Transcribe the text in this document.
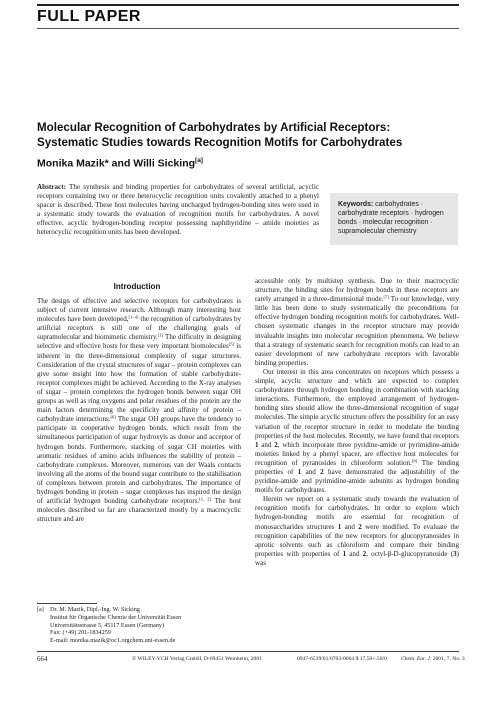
FULL PAPER
Molecular Recognition of Carbohydrates by Artificial Receptors:
Systematic Studies towards Recognition Motifs for Carbohydrates
Monika Mazik* and Willi Sicking[a]
Abstract: The synthesis and binding properties for carbohydrates of several artificial, acyclic receptors containing two or three heterocyclic recognition units covalently attached to a phenyl spacer is described. These host molecules having uncharged hydrogen-bonding sites were used in a systematic study towards the evaluation of recognition motifs for carbohydrates. A novel effective, acyclic hydrogen-bonding receptor possessing naphthyridine – amide moieties as heterocyclic recognition units has been developed.
Keywords: carbohydrates · carbohydrate receptors · hydrogen bonds · molecular recognition · supramolecular chemistry
Introduction

The design of effective and selective receptors for carbohydrates is subject of current intensive research. Although many interesting host molecules have been developed,[1–4] the recognition of carbohydrates by artificial receptors is still one of the challenging goals of supramolecular and biomimetic chemistry.[1] The difficulty in designing selective and effective hosts for these very important biomolecules[5] is inherent in the three-dimensional complexity of sugar structures. Consideration of the crystal structures of sugar – protein complexes can give some insight into how the formation of stable carbohydrate-receptor complexes might be achieved. According to the X-ray analyses of sugar – protein complexes the hydrogen bonds between sugar OH groups as well as ring oxygens and polar residues of the protein are the main factors determining the specificity and affinity of protein – carbohydrate interactions.[6] The sugar OH groups have the tendency to participate in cooperative hydrogen bonds, which result from the simultaneous participation of sugar hydroxyls as donor and acceptor of hydrogen bonds. Furthermore, stacking of sugar CH moieties with aromatic residues of amino acids influences the stability of protein – carbohydrate complexes. Moreover, numerous van der Waals contacts involving all the atoms of the bound sugar contribute to the stabilisation of complexes between protein and carbohydrates. The importance of hydrogen bonding in protein – sugar complexes has inspired the design of artificial hydrogen bonding carbohydrate receptors.[1, 2] The host molecules described so far are characterized mostly by a macrocyclic structure and are

accessible only by multistep synthesis. Due to their macrocyclic structure, the binding sites for hydrogen bonds in these receptors are rarely arranged in a three-dimensional mode.[7] To our knowledge, very little has been done to study systematically the preconditions for effective hydrogen bonding recognition motifs for carbohydrates. Well-chosen systematic changes in the receptor structure may provide invaluable insights into molecular recognition phenomena. We believe that a strategy of systematic search for recognition motifs can lead to an easier development of new carbohydrate receptors with favorable binding properties.

Our interest in this area concentrates on receptors which possess a simple, acyclic structure and which are expected to complex carbohydrates through hydrogen bonding in combination with stacking interactions. Furthermore, the employed arrangement of hydrogen-bonding sites should allow the three-dimensional recognition of sugar molecules. The simple acyclic structure offers the possibility for an easy variation of the receptor structure in order to modulate the binding properties of the host molecules. Recently, we have found that receptors 1 and 2, which incorporate three pyridine-amide or pyrimidine-amide moieties linked by a phenyl spacer, are effective host molecules for recognition of pyranosides in chloroform solution.[8] The binding properties of 1 and 2 have demonstrated the adjustability of the pyridine-amide and pyrimidine-amide subunits as hydrogen bonding motifs for carbohydrates.

Herein we report on a systematic study towards the evaluation of recognition motifs for carbohydrates. In order to explore which hydrogen-bonding motifs are essential for recognition of monosaccharides structures 1 and 2 were modified. To evaluate the recognition capabilities of the new receptors for glucopyranosides in aprotic solvents such as chloroform and compare their binding properties with properties of 1 and 2, octyl-β-D-glucopyranoside (3) was

[a] Dr. M. Mazik, Dipl.-Ing. W. Sicking
Institut für Organische Chemie der Universität Essen
Universitätsstrasse 5, 45117 Essen (Germany)
Fax: (+49) 201-1834259
E-mail: monika.mazik@oc1.orgchem.uni-essen.de
664	© WILEY-VCH Verlag GmbH, D-69451 Weinheim, 2001	0947-6539/01/0703-0664 $ 17.50+.50/0	Chem. Eur. J. 2001, 7, No. 3
